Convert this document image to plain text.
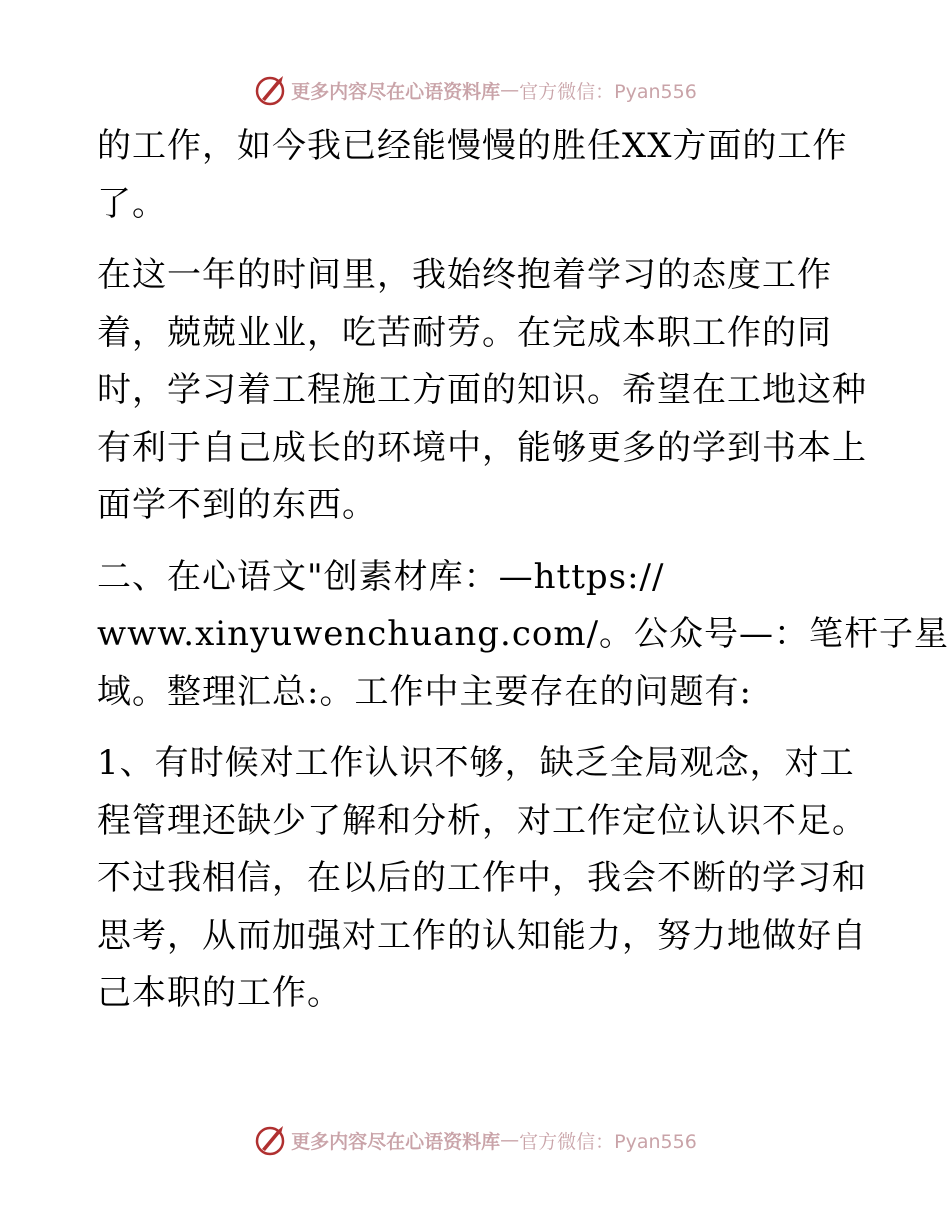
更多内容尽在心语资料库 — 官方微信：Pyan556
的工作，如今我已经能慢慢的胜任XX方面的工作
了。
在这一年的时间里，我始终抱着学习的态度工作
着，兢兢业业，吃苦耐劳。在完成本职工作的同
时，学习着工程施工方面的知识。希望在工地这种
有利于自己成长的环境中，能够更多的学到书本上
面学不到的东西。
二、在心语文"创素材库：—https://
www.xinyuwenchuang.com/。公众号—：笔杆子星
域。整理汇总:。工作中主要存在的问题有:
1、有时候对工作认识不够，缺乏全局观念，对工
程管理还缺少了解和分析，对工作定位认识不足。
不过我相信，在以后的工作中，我会不断的学习和
思考，从而加强对工作的认知能力，努力地做好自
己本职的工作。
更多内容尽在心语资料库 — 官方微信：Pyan556
